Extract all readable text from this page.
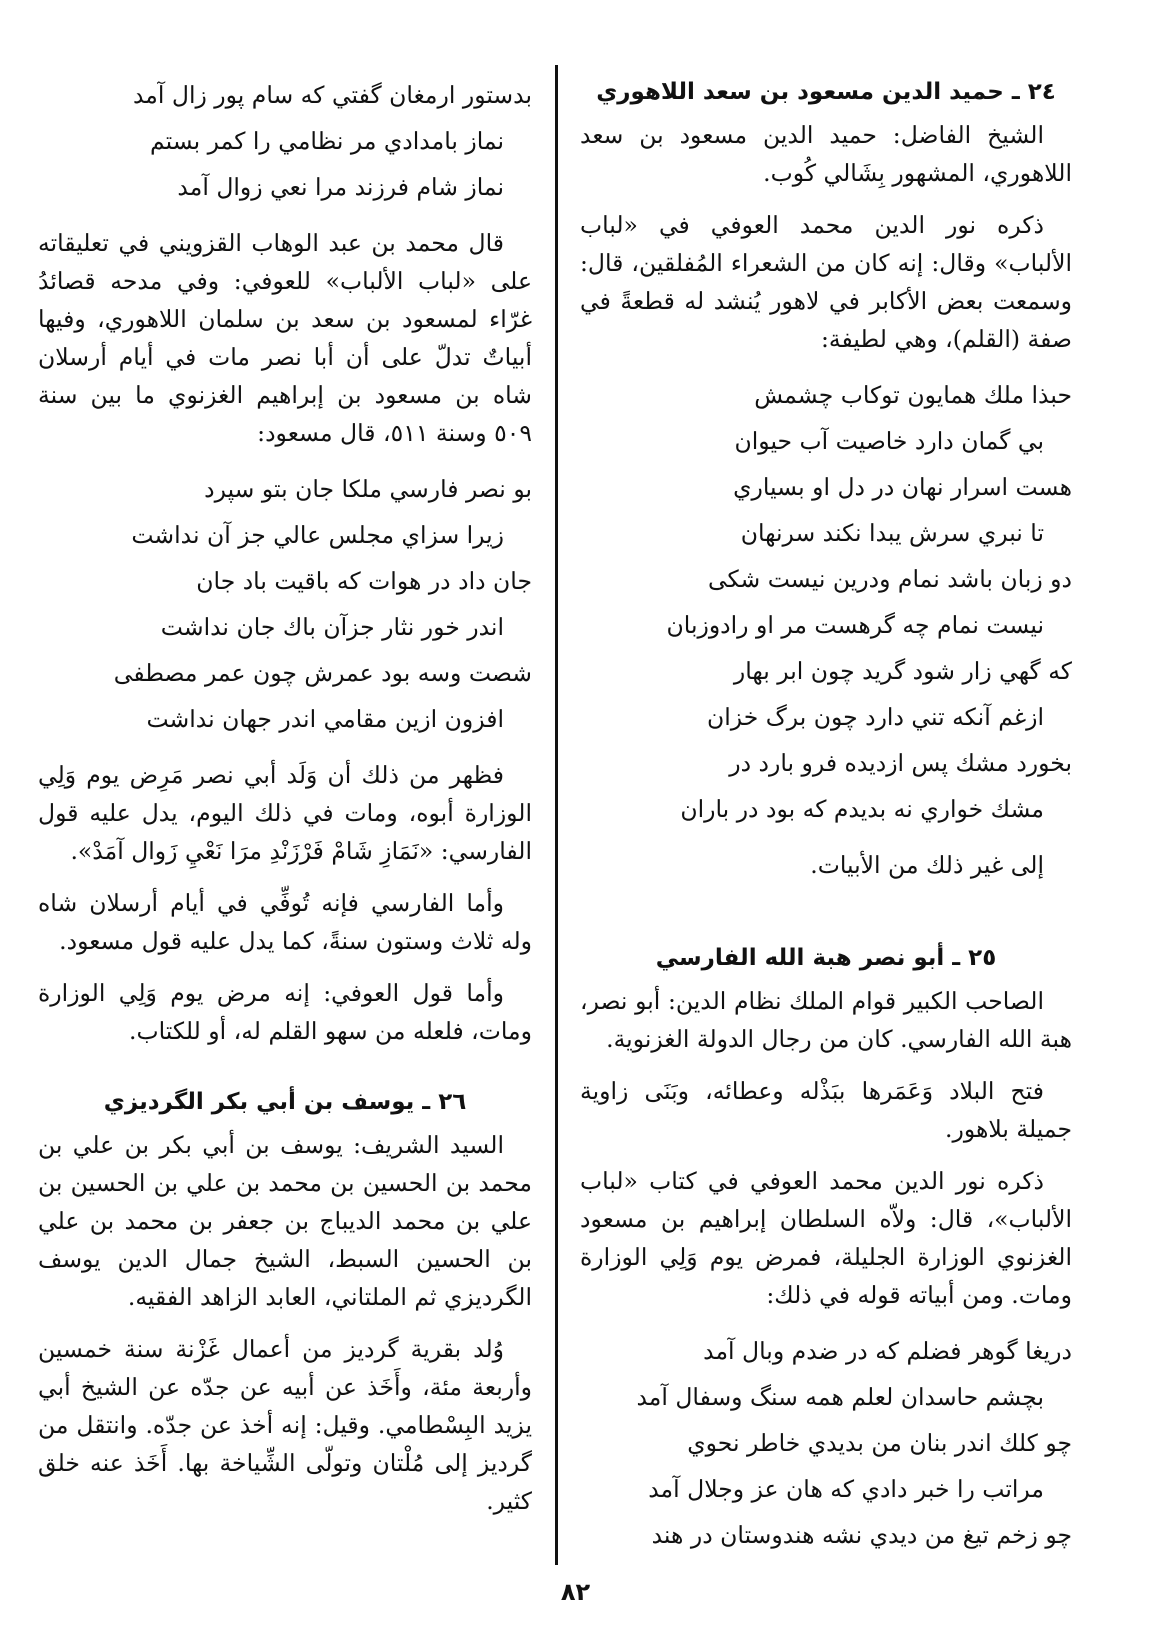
٢٤ ـ حميد الدين مسعود بن سعد اللاهوري

الشيخ الفاضل: حميد الدين مسعود بن سعد اللاهوري، المشهور بِشَالي كُوب.

ذكره نور الدين محمد العوفي في «لباب الألباب» وقال: إنه كان من الشعراء المُفلقين، قال: وسمعت بعض الأكابر في لاهور يُنشد له قطعةً في صفة (القلم)، وهي لطيفة:

حبذا ملك همايون توكاب چشمش
بي گمان دارد خاصيت آب حيوان
هست اسرار نهان در دل او بسياري
تا نبري سرش يبدا نكند سرنهان
دو زبان باشد نمام ودرين نيست شكى
نيست نمام چه گرهست مر او رادوزبان
كه گهي زار شود گريد چون ابر بهار
ازغم آنكه تني دارد چون برگ خزان
بخورد مشك پس ازديده فرو بارد در
مشك خواري نه بديدم كه بود در باران

إلى غير ذلك من الأبيات.

٢٥ ـ أبو نصر هبة الله الفارسي

الصاحب الكبير قوام الملك نظام الدين: أبو نصر، هبة الله الفارسي. كان من رجال الدولة الغزنوية.

فتح البلاد وَعَمَرها ببَذْله وعطائه، وبَنَى زاوية جميلة بلاهور.

ذكره نور الدين محمد العوفي في كتاب «لباب الألباب»، قال: ولاّه السلطان إبراهيم بن مسعود الغزنوي الوزارة الجليلة، فمرض يوم وَلِي الوزارة ومات. ومن أبياته قوله في ذلك:

دريغا گوهر فضلم كه در ضدم وبال آمد
بچشم حاسدان لعلم همه سنگ وسفال آمد
چو كلك اندر بنان من بديدي خاطر نحوي
مراتب را خبر دادي كه هان عز وجلال آمد
چو زخم تيغ من ديدي نشه هندوستان در هند
بدستور ارمغان گفتي كه سام پور زال آمد
نماز بامدادي مر نظامي را كمر بستم
نماز شام فرزند مرا نعي زوال آمد

قال محمد بن عبد الوهاب القزويني في تعليقاته على «لباب الألباب» للعوفي: وفي مدحه قصائدُ غرّاء لمسعود بن سعد بن سلمان اللاهوري، وفيها أبياتٌ تدلّ على أن أبا نصر مات في أيام أرسلان شاه بن مسعود بن إبراهيم الغزنوي ما بين سنة ٥٠٩ وسنة ٥١١، قال مسعود:

بو نصر فارسي ملكا جان بتو سپرد
زيرا سزاي مجلس عالي جز آن نداشت
جان داد در هوات كه باقيت باد جان
اندر خور نثار جزآن باك جان نداشت
شصت وسه بود عمرش چون عمر مصطفى
افزون ازين مقامي اندر جهان نداشت

فظهر من ذلك أن وَلَد أبي نصر مَرِض يوم وَلِي الوزارة أبوه، ومات في ذلك اليوم، يدل عليه قول الفارسي: «نَمَازِ شَامْ فَرْزَنْدِ مرَا نَعْيِ زَوال آمَدْ».

وأما الفارسي فإنه تُوفِّي في أيام أرسلان شاه وله ثلاث وستون سنةً، كما يدل عليه قول مسعود.

وأما قول العوفي: إنه مرض يوم وَلِي الوزارة ومات، فلعله من سهو القلم له، أو للكتاب.

٢٦ ـ يوسف بن أبي بكر الگرديزي

السيد الشريف: يوسف بن أبي بكر بن علي بن محمد بن الحسين بن محمد بن علي بن الحسين بن علي بن محمد الديباج بن جعفر بن محمد بن علي بن الحسين السبط، الشيخ جمال الدين يوسف الگرديزي ثم الملتاني، العابد الزاهد الفقيه.

وُلد بقرية گرديز من أعمال غَزْنة سنة خمسين وأربعة مئة، وأَخَذ عن أبيه عن جدّه عن الشيخ أبي يزيد البِسْطامي. وقيل: إنه أخذ عن جدّه. وانتقل من گرديز إلى مُلْتان وتولّى الشِّياخة بها. أَخَذ عنه خلق كثير.

٨٢
